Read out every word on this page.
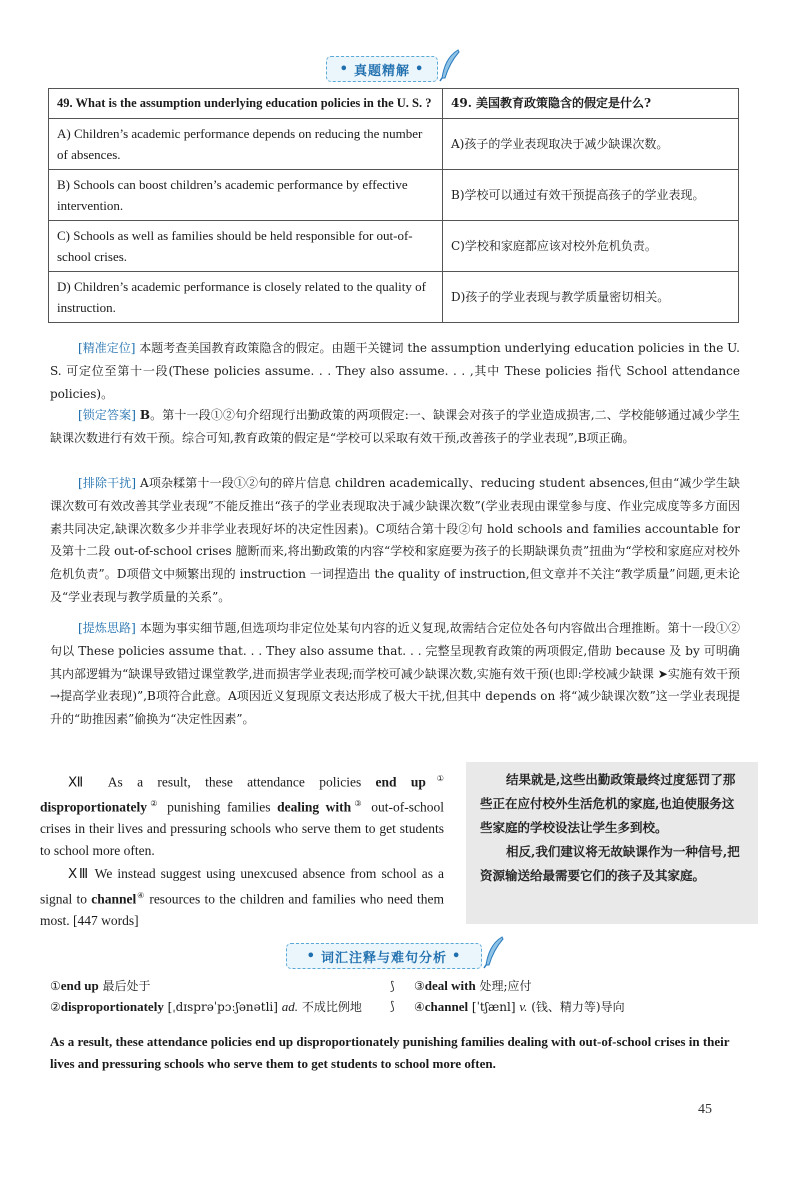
• 真题精解 •
49. What is the assumption underlying education policies in the U. S. ?	49. 美国教育政策隐含的假定是什么?
A) Children’s academic performance depends on reducing the number of absences.	A)孩子的学业表现取决于减少缺课次数。
B) Schools can boost children’s academic performance by effective intervention.	B)学校可以通过有效干预提高孩子的学业表现。
C) Schools as well as families should be held responsible for out-of-school crises.	C)学校和家庭都应该对校外危机负责。
D) Children’s academic performance is closely related to the quality of instruction.	D)孩子的学业表现与教学质量密切相关。
[精准定位] 本题考查美国教育政策隐含的假定。由题干关键词 the assumption underlying education policies in the U. S. 可定位至第十一段(These policies assume. . . They also assume. . . ,其中 These policies 指代 School attendance policies)。
[锁定答案] B。第十一段①②句介绍现行出勤政策的两项假定:一、缺课会对孩子的学业造成损害,二、学校能够通过减少学生缺课次数进行有效干预。综合可知,教育政策的假定是“学校可以采取有效干预,改善孩子的学业表现”,B项正确。
[排除干扰] A项杂糅第十一段①②句的碎片信息 children academically、reducing student absences,但由“减少学生缺课次数可有效改善其学业表现”不能反推出“孩子的学业表现取决于减少缺课次数”(学业表现由课堂参与度、作业完成度等多方面因素共同决定,缺课次数多少并非学业表现好坏的决定性因素)。C项结合第十段②句 hold schools and families accountable for 及第十二段 out-of-school crises 臆断而来,将出勤政策的内容“学校和家庭要为孩子的长期缺课负责”扭曲为“学校和家庭应对校外危机负责”。D项借文中频繁出现的 instruction 一词捏造出 the quality of instruction,但文章并不关注“教学质量”问题,更未论及“学业表现与教学质量的关系”。
[提炼思路] 本题为事实细节题,但选项均非定位处某句内容的近义复现,故需结合定位处各句内容做出合理推断。第十一段①②句以 These policies assume that. . . They also assume that. . . 完整呈现教育政策的两项假定,借助 because 及 by 可明确其内部逻辑为“缺课导致错过课堂教学,进而损害学业表现;而学校可减少缺课次数,实施有效干预(也即:学校减少缺课 ➤实施有效干预→提高学业表现)”,B项符合此意。A项因近义复现原文表达形成了极大干扰,但其中 depends on 将“减少缺课次数”这一学业表现提升的“助推因素”偷换为“决定性因素”。

Ⅻ As a result, these attendance policies end up① disproportionately② punishing families dealing with③ out-of-school crises in their lives and pressuring schools who serve them to get students to school more often.

ⅩⅢ We instead suggest using unexcused absence from school as a signal to channel④ resources to the children and families who need them most. [447 words]

结果就是,这些出勤政策最终过度惩罚了那些正在应付校外生活危机的家庭,也迫使服务这些家庭的学校设法让学生多到校。

相反,我们建议将无故缺课作为一种信号,把资源输送给最需要它们的孩子及其家庭。

• 词汇注释与难句分析 •
①end up 最后处于	③deal with 处理;应付
②disproportionately [ˌdɪsprəˈpɔːʃənətli] ad. 不成比例地	④channel [ˈtʃænl] v. (钱、精力等)导向
⟆
⟆
As a result, these attendance policies end up disproportionately punishing families dealing with out-of-school crises in their lives and pressuring schools who serve them to get students to school more often.
45
